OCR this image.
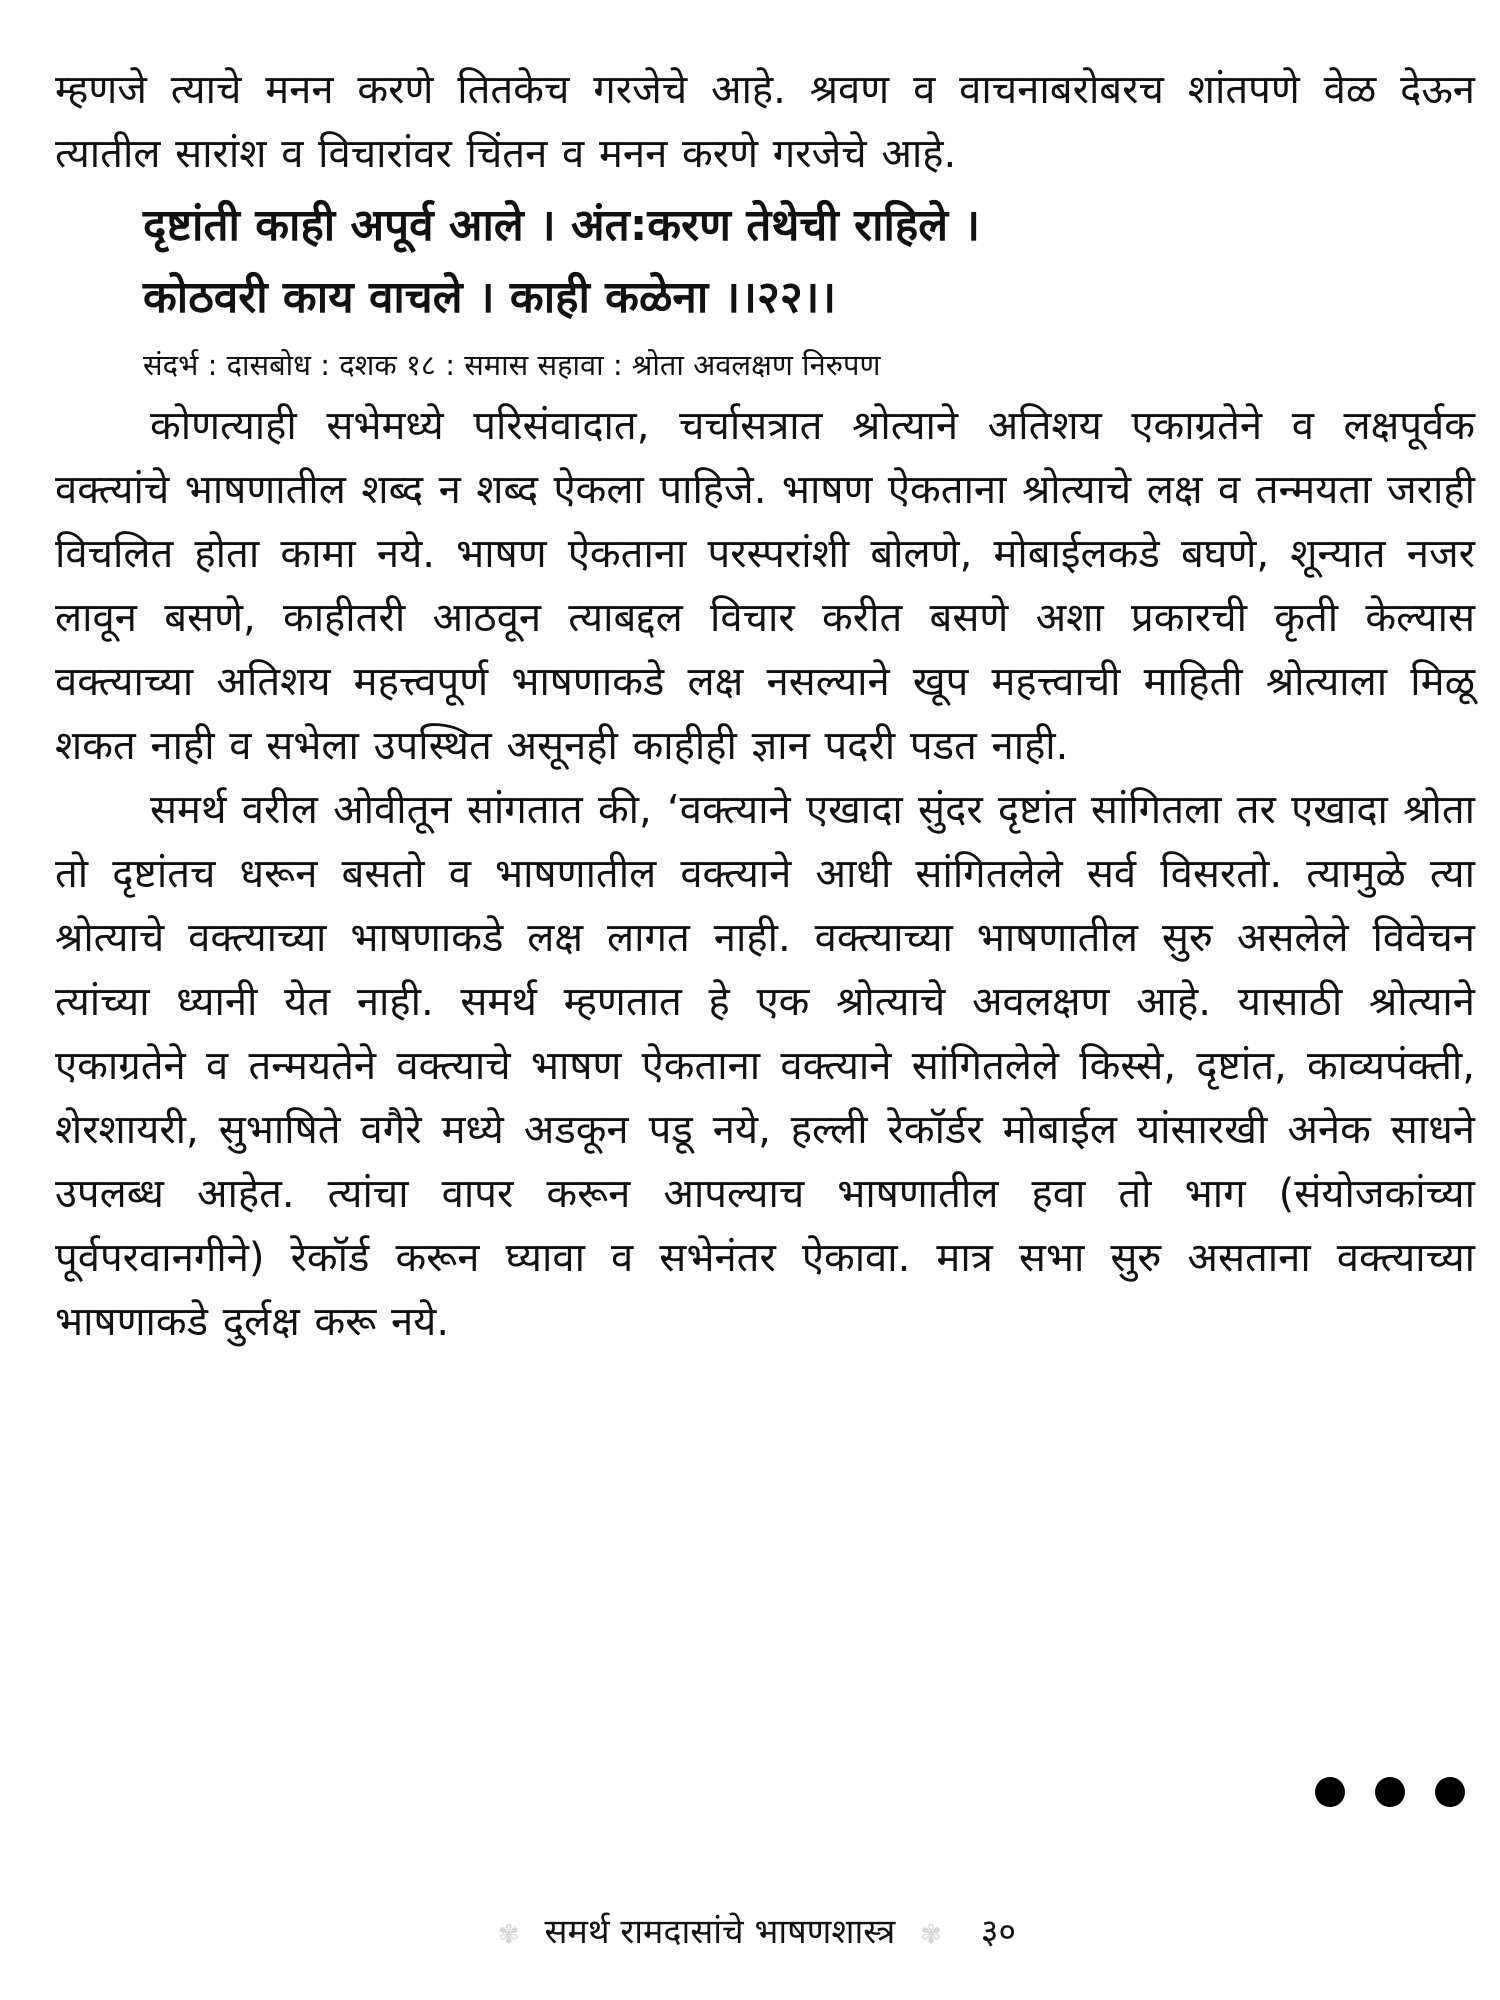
म्हणजे त्याचे मनन करणे तितकेच गरजेचे आहे. श्रवण व वाचनाबरोबरच शांतपणे वेळ देऊन त्यातील सारांश व विचारांवर चिंतन व मनन करणे गरजेचे आहे.

दृष्टांती काही अपूर्व आले । अंत:करण तेथेची राहिले ।
कोठवरी काय वाचले । काही कळेना ।।२२।।
संदर्भ : दासबोध : दशक १८ : समास सहावा : श्रोता अवलक्षण निरुपण

कोणत्याही सभेमध्ये परिसंवादात, चर्चासत्रात श्रोत्याने अतिशय एकाग्रतेने व लक्षपूर्वक वक्त्यांचे भाषणातील शब्द न शब्द ऐकला पाहिजे. भाषण ऐकताना श्रोत्याचे लक्ष व तन्मयता जराही विचलित होता कामा नये. भाषण ऐकताना परस्परांशी बोलणे, मोबाईलकडे बघणे, शून्यात नजर लावून बसणे, काहीतरी आठवून त्याबद्दल विचार करीत बसणे अशा प्रकारची कृती केल्यास वक्त्याच्या अतिशय महत्त्वपूर्ण भाषणाकडे लक्ष नसल्याने खूप महत्त्वाची माहिती श्रोत्याला मिळू शकत नाही व सभेला उपस्थित असूनही काहीही ज्ञान पदरी पडत नाही.

समर्थ वरील ओवीतून सांगतात की, ‘वक्त्याने एखादा सुंदर दृष्टांत सांगितला तर एखादा श्रोता तो दृष्टांतच धरून बसतो व भाषणातील वक्त्याने आधी सांगितलेले सर्व विसरतो. त्यामुळे त्या श्रोत्याचे वक्त्याच्या भाषणाकडे लक्ष लागत नाही. वक्त्याच्या भाषणातील सुरु असलेले विवेचन त्यांच्या ध्यानी येत नाही. समर्थ म्हणतात हे एक श्रोत्याचे अवलक्षण आहे. यासाठी श्रोत्याने एकाग्रतेने व तन्मयतेने वक्त्याचे भाषण ऐकताना वक्त्याने सांगितलेले किस्से, दृष्टांत, काव्यपंक्ती, शेरशायरी, सुभाषिते वगैरे मध्ये अडकून पडू नये, हल्ली रेकॉर्डर मोबाईल यांसारखी अनेक साधने उपलब्ध आहेत. त्यांचा वापर करून आपल्याच भाषणातील हवा तो भाग (संयोजकांच्या पूर्वपरवानगीने) रेकॉर्ड करून घ्यावा व सभेनंतर ऐकावा. मात्र सभा सुरु असताना वक्त्याच्या भाषणाकडे दुर्लक्ष करू नये.

✾ समर्थ रामदासांचे भाषणशास्त्र ✾ ३०
